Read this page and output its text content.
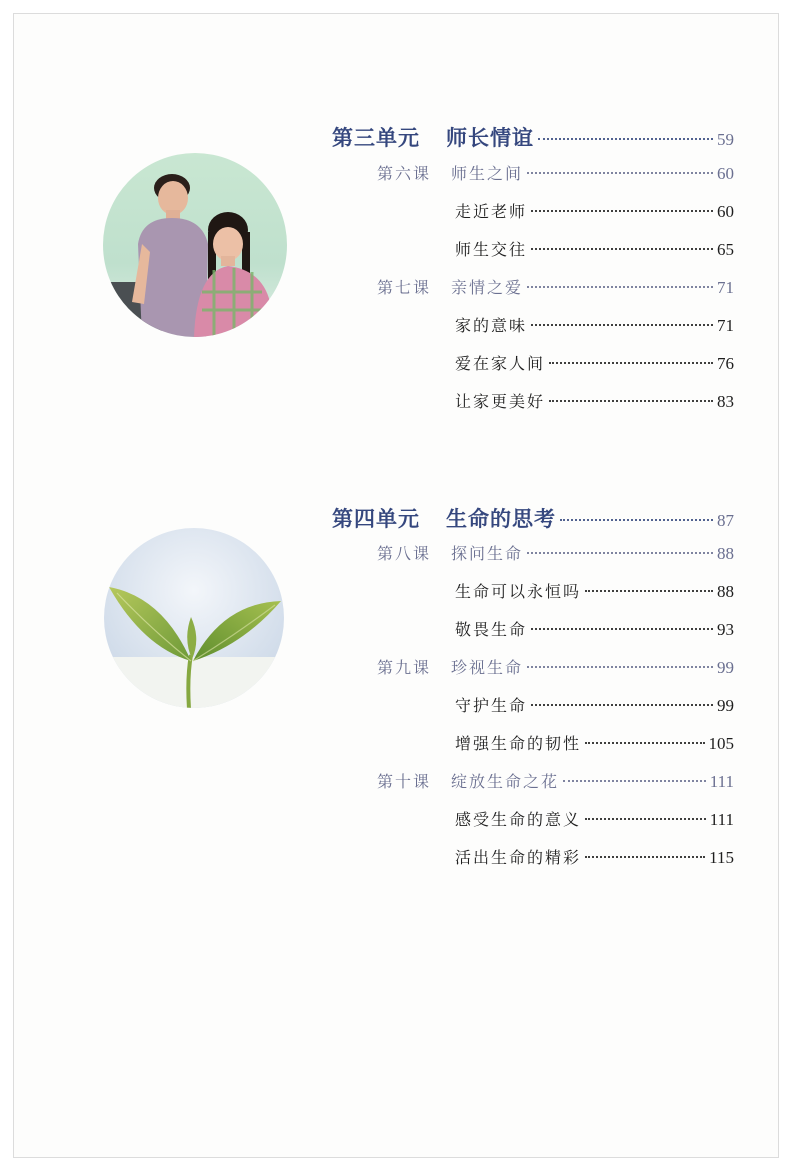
第三单元 师长情谊	59
第六课 师生之间	60
走近老师	60
师生交往	65
第七课 亲情之爱	71
家的意味	71
爱在家人间	76
让家更美好	83
第四单元 生命的思考	87
第八课 探问生命	88
生命可以永恒吗	88
敬畏生命	93
第九课 珍视生命	99
守护生命	99
增强生命的韧性	105
第十课 绽放生命之花	111
感受生命的意义	111
活出生命的精彩	115
